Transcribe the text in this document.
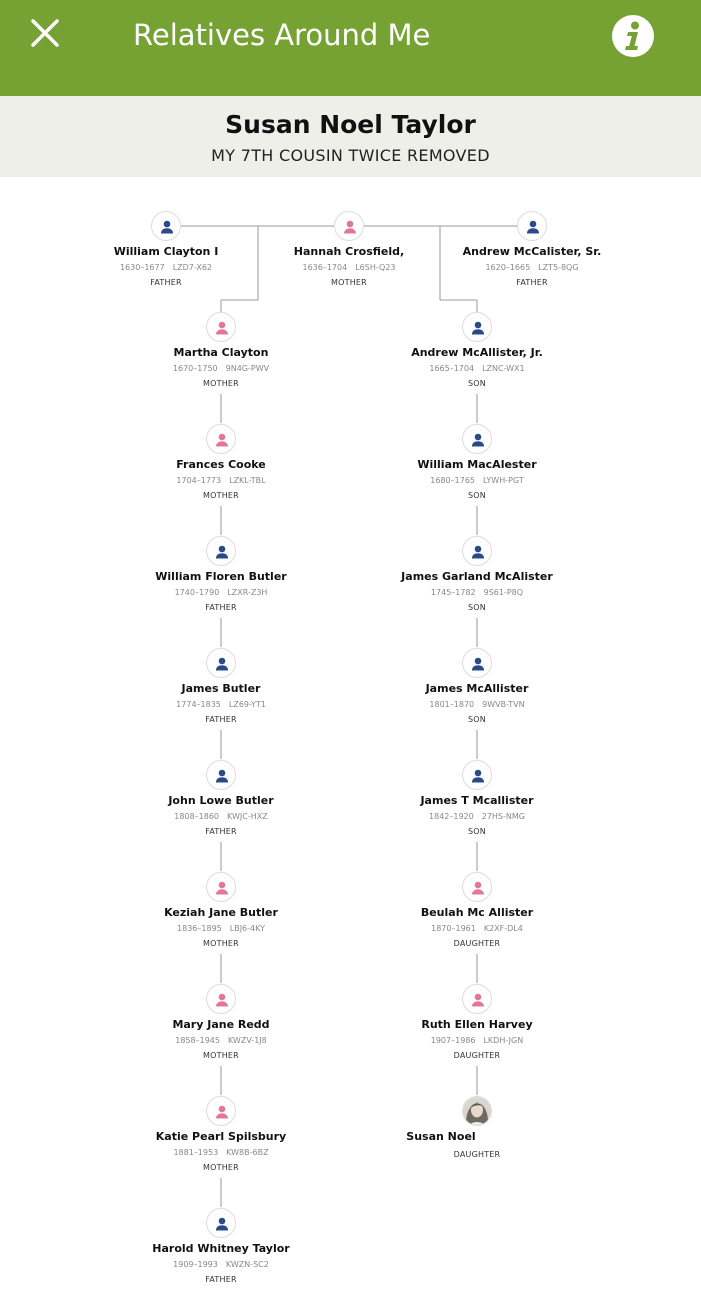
Relatives Around Me
Susan Noel Taylor
MY 7TH COUSIN TWICE REMOVED
William Clayton I
1630–1677 LZD7-X62
FATHER
Hannah Crosfield,
1636–1704 L6SH-Q23
MOTHER
Andrew McCalister, Sr.
1620–1665 LZT5-8QG
FATHER
Martha Clayton
1670–1750 9N4G-PWV
MOTHER
Frances Cooke
1704–1773 LZKL-TBL
MOTHER
William Floren Butler
1740–1790 LZXR-Z3H
FATHER
James Butler
1774–1835 LZ69-YT1
FATHER
John Lowe Butler
1808–1860 KWJC-HXZ
FATHER
Keziah Jane Butler
1836–1895 LBJ6-4KY
MOTHER
Mary Jane Redd
1858–1945 KWZV-1J8
MOTHER
Katie Pearl Spilsbury
1881–1953 KW8B-6BZ
MOTHER
Harold Whitney Taylor
1909–1993 KWZN-SC2
FATHER
Andrew McAllister, Jr.
1665–1704 LZNC-WX1
SON
William MacAlester
1680–1765 LYWH-PGT
SON
James Garland McAlister
1745–1782 9S61-P8Q
SON
James McAllister
1801–1870 9WVB-TVN
SON
James T Mcallister
1842–1920 27HS-NMG
SON
Beulah Mc Allister
1870–1961 K2XF-DL4
DAUGHTER
Ruth Ellen Harvey
1907–1986 LKDH-JGN
DAUGHTER
Susan Noel
DAUGHTER
